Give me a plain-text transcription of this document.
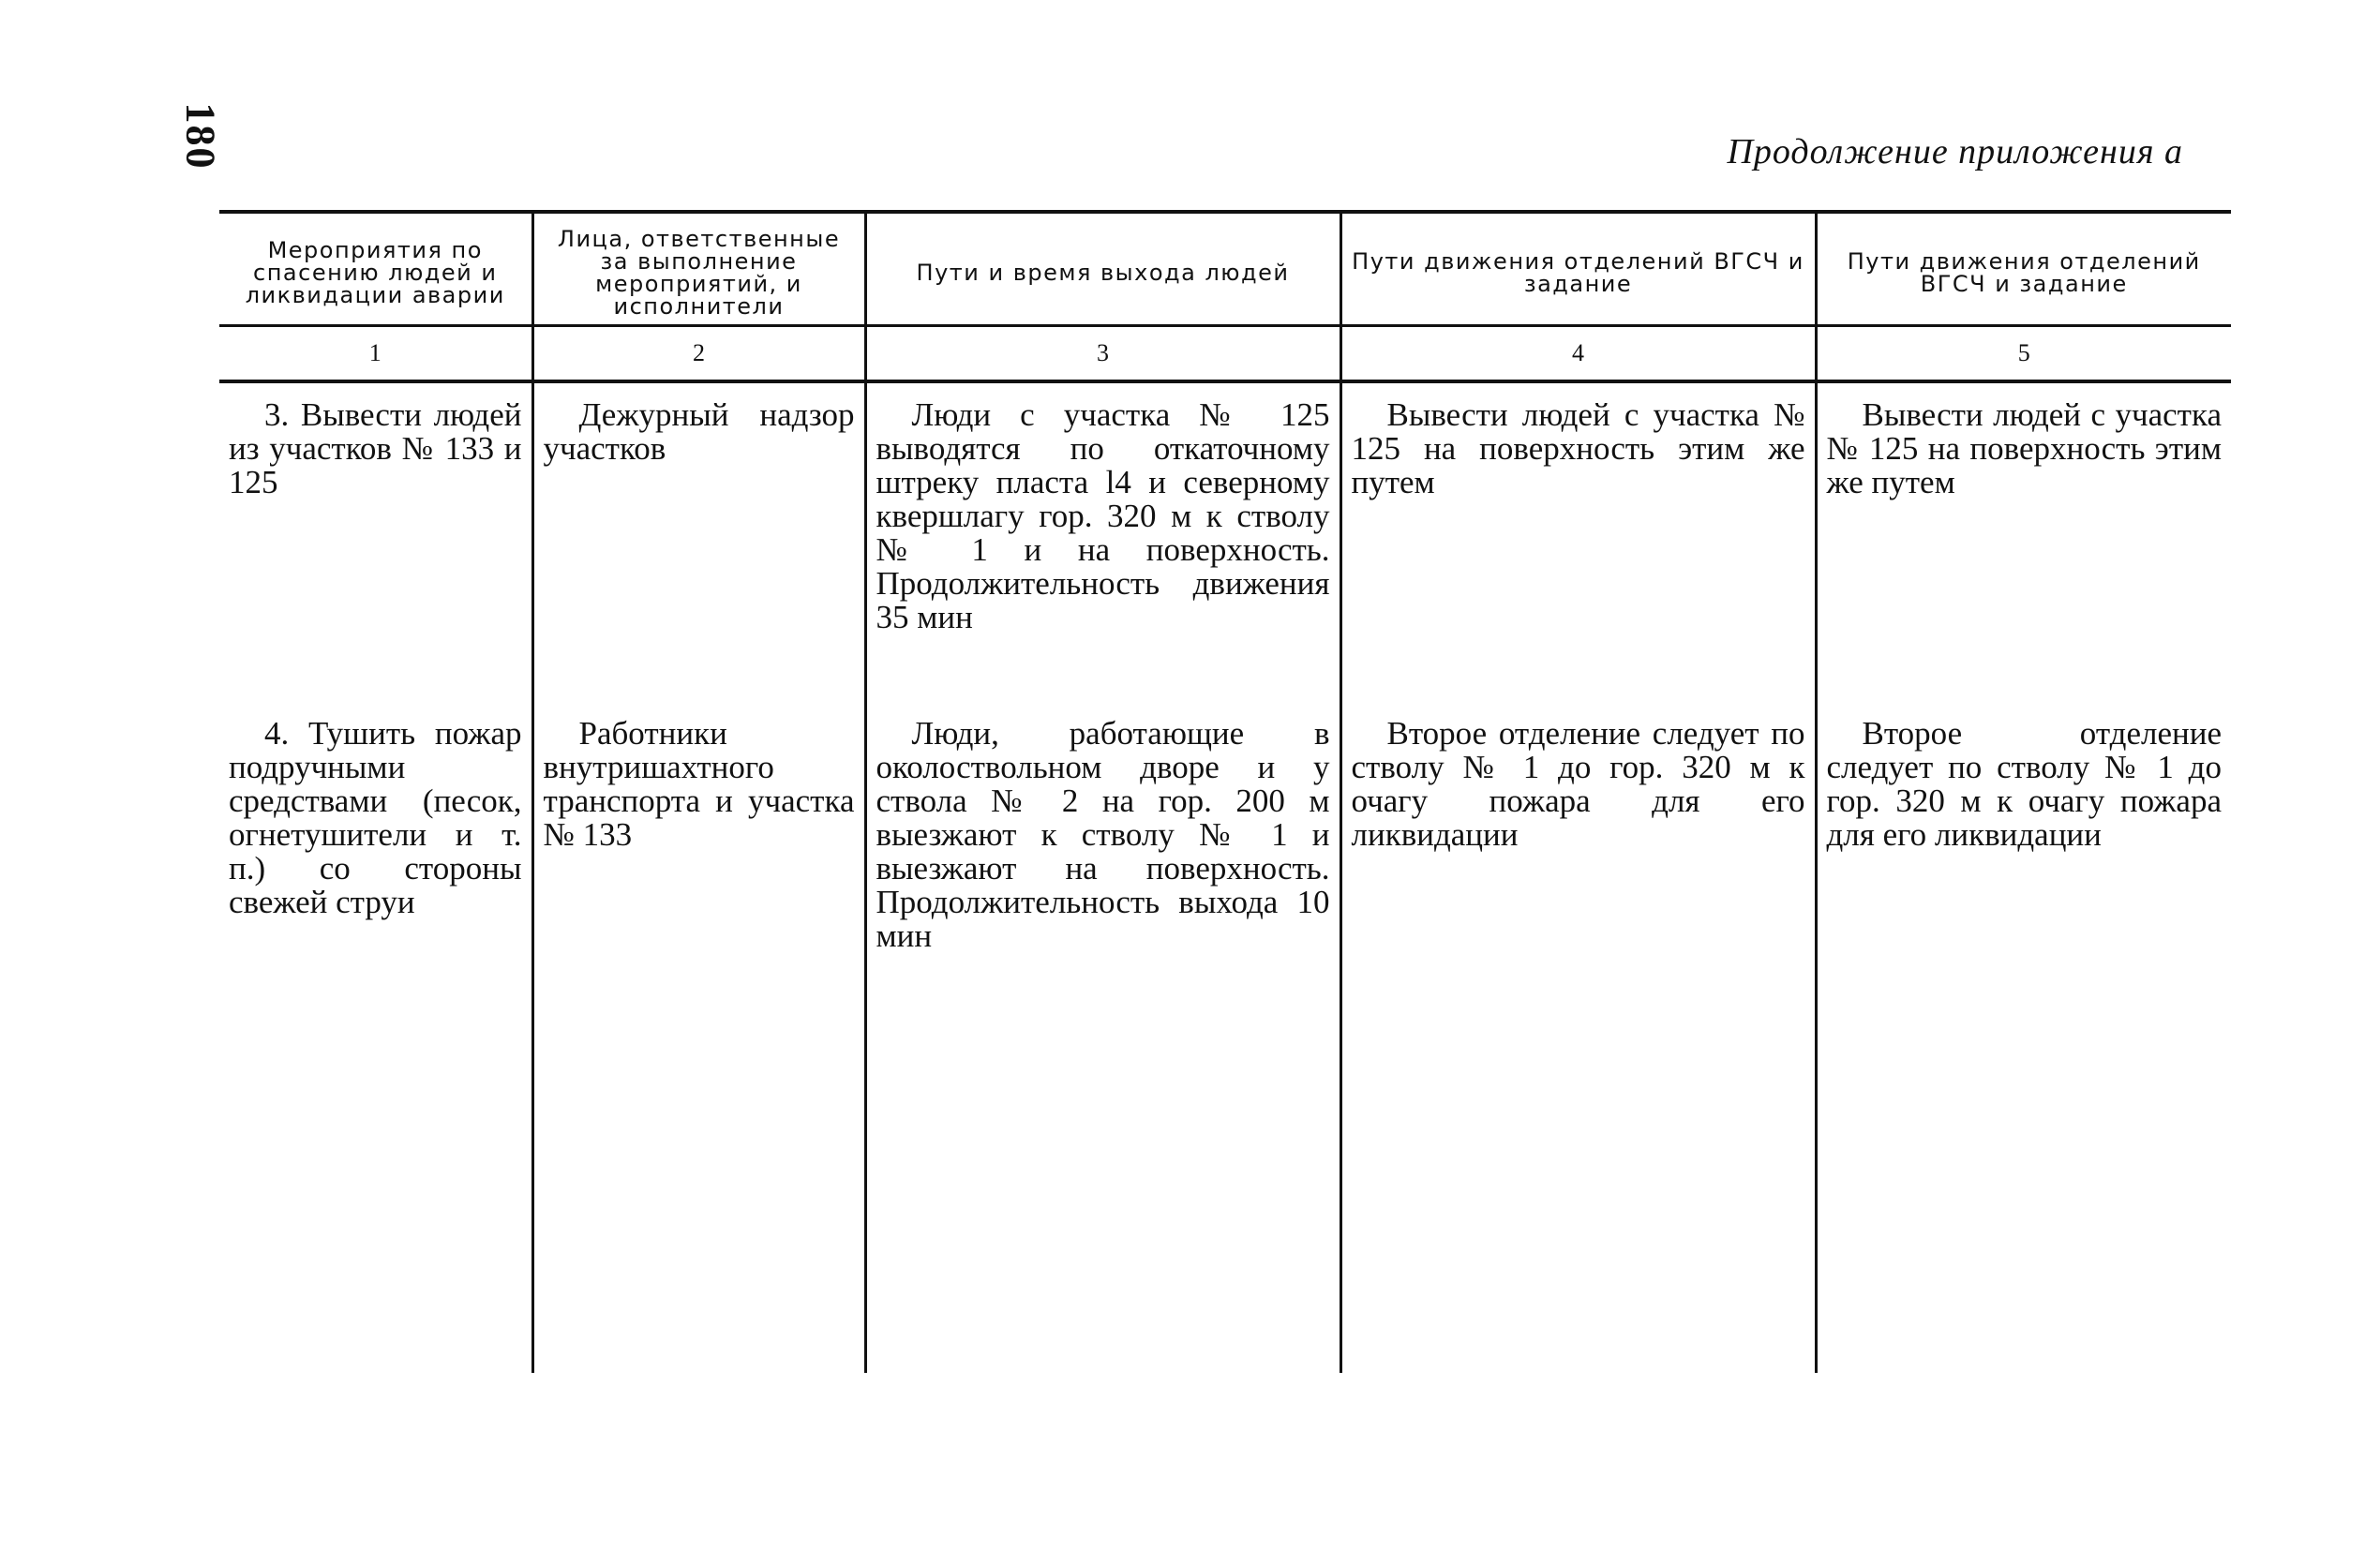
180	Продолжение приложения а
Мероприятия по спасению людей и ликвидации аварии	Лица, ответственные за выполнение мероприятий, и исполнители	Пути и время выхода людей	Пути движения отделений ВГСЧ и задание	Пути движения отделений ВГСЧ и задание
1	2	3	4	5

3. Вывести людей из участков № 133 и 125	Дежурный надзор участков	Люди с участка № 125 выводятся по откаточному штреку пласта l4 и северному квершлагу гор. 320 м к стволу № 1 и на поверхность. Продолжительность движения 35 мин	Вывести людей с участка № 125 на поверхность этим же путем	Вывести людей с участка № 125 на поверхность этим же путем

4. Тушить пожар подручными средствами (песок, огнетушители и т. п.) со стороны свежей струи	Работники внутришахтного транспорта и участка № 133	Люди, работающие в околоствольном дворе и у ствола № 2 на гор. 200 м выезжают к стволу № 1 и выезжают на поверхность. Продолжительность выхода 10 мин	Второе отделение следует по стволу № 1 до гор. 320 м к очагу пожара для его ликвидации	Второе отделение следует по стволу № 1 до гор. 320 м к очагу пожара для его ликвидации
